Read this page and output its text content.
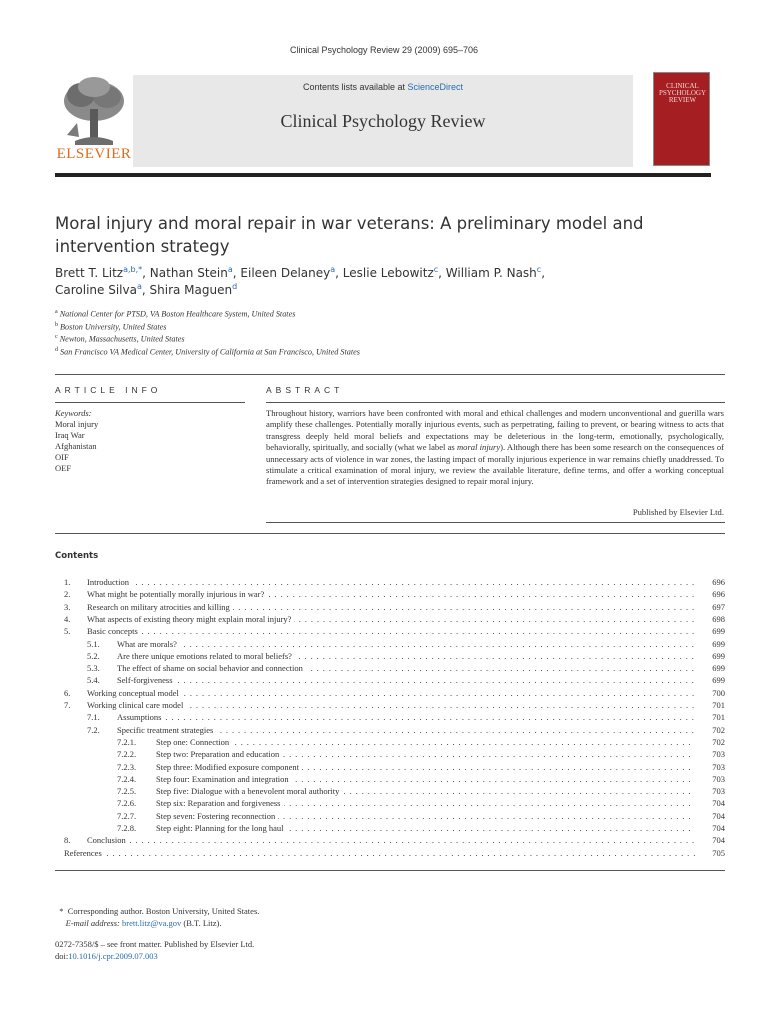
Clinical Psychology Review 29 (2009) 695–706
ELSEVIER
Contents lists available at ScienceDirect
Clinical Psychology Review
CLINICAL PSYCHOLOGY REVIEW
Moral injury and moral repair in war veterans: A preliminary model and intervention strategy
Brett T. Litz$^{a,b,*}$, Nathan Stein$^a$, Eileen Delaney$^a$, Leslie Lebowitz$^c$, William P. Nash$^c$,
Caroline Silva$^a$, Shira Maguen$^d$
$^a$ National Center for PTSD, VA Boston Healthcare System, United States
$^b$ Boston University, United States
$^c$ Newton, Massachusetts, United States
$^d$ San Francisco VA Medical Center, University of California at San Francisco, United States
ARTICLE INFO	ABSTRACT
Keywords:
Moral injury
Iraq War
Afghanistan
OIF
OEF
Throughout history, warriors have been confronted with moral and ethical challenges and modern unconventional and guerilla wars amplify these challenges. Potentially morally injurious events, such as perpetrating, failing to prevent, or bearing witness to acts that transgress deeply held moral beliefs and expectations may be deleterious in the long-term, emotionally, psychologically, behaviorally, spiritually, and socially (what we label as moral injury). Although there has been some research on the consequences of unnecessary acts of violence in war zones, the lasting impact of morally injurious experience in war remains chiefly unaddressed. To stimulate a critical examination of moral injury, we review the available literature, define terms, and offer a working conceptual framework and a set of intervention strategies designed to repair moral injury.
Published by Elsevier Ltd.
Contents
1. Introduction . . .	696
2. What might be potentially morally injurious in war? . . .	696
3. Research on military atrocities and killing . . .	697
4. What aspects of existing theory might explain moral injury? . . .	698
5. Basic concepts . . .	699
5.1. What are morals? . . .	699
5.2. Are there unique emotions related to moral beliefs? . . .	699
5.3. The effect of shame on social behavior and connection . . .	699
5.4. Self-forgiveness . . .	699
6. Working conceptual model . . .	700
7. Working clinical care model . . .	701
7.1. Assumptions . . .	701
7.2. Specific treatment strategies . . .	702
7.2.1. Step one: Connection . . .	702
7.2.2. Step two: Preparation and education . . .	703
7.2.3. Step three: Modified exposure component . . .	703
7.2.4. Step four: Examination and integration . . .	703
7.2.5. Step five: Dialogue with a benevolent moral authority . . .	703
7.2.6. Step six: Reparation and forgiveness . . .	704
7.2.7. Step seven: Fostering reconnection . . .	704
7.2.8. Step eight: Planning for the long haul . . .	704
8. Conclusion . . .	704
References . . .	705
* Corresponding author. Boston University, United States.
E-mail address: brett.litz@va.gov (B.T. Litz).
0272-7358/$ – see front matter. Published by Elsevier Ltd.
doi:10.1016/j.cpr.2009.07.003
